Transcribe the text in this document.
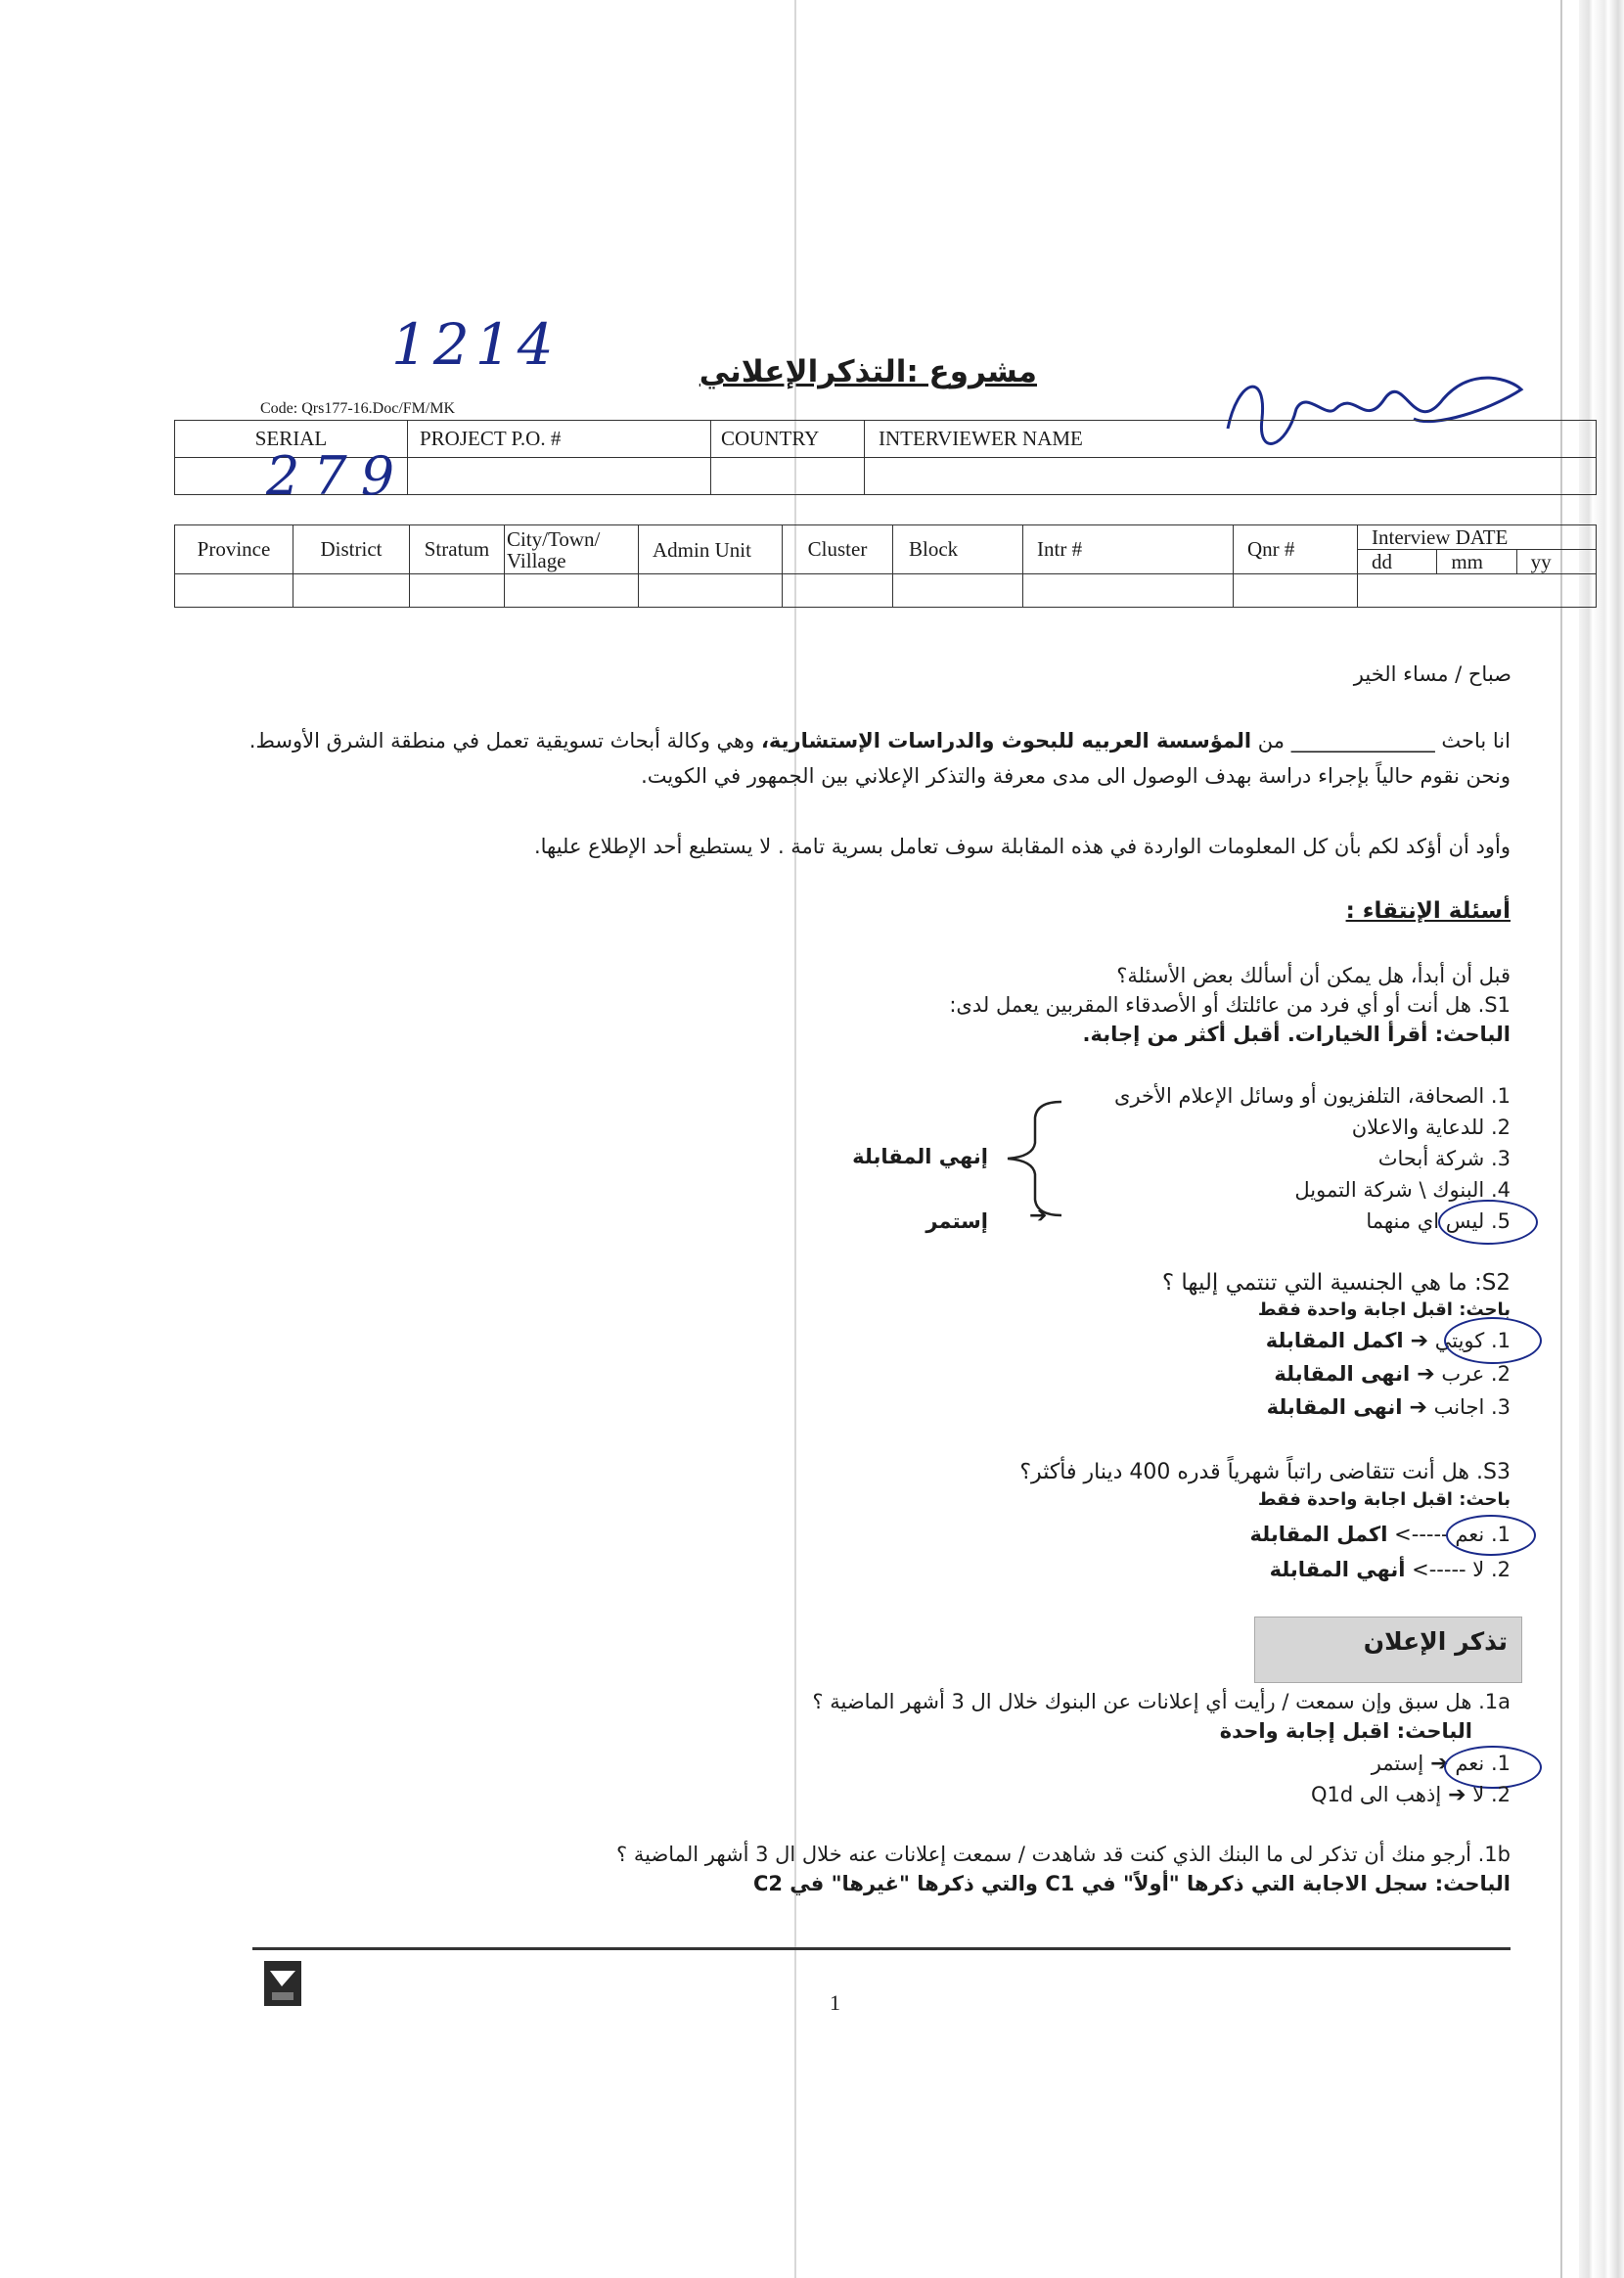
1214	مشروع :التذكرالإعلاني
Code: Qrs177-16.Doc/FM/MK
SERIAL	PROJECT P.O. #	COUNTRY	INTERVIEWER NAME

279
Province	District	Stratum	City/Town/ Village	Admin Unit	Cluster	Block	Intr #	Qnr #	Interview DATE
dd mm yy

صباح / مساء الخير
انا باحث ______________ من المؤسسة العربيه للبحوث والدراسات الإستشارية، وهي وكالة أبحاث تسويقية تعمل في منطقة الشرق الأوسط.
ونحن نقوم حالياً بإجراء دراسة بهدف الوصول الى مدى معرفة والتذكر الإعلاني بين الجمهور في الكويت.
وأود أن أؤكد لكم بأن كل المعلومات الواردة في هذه المقابلة سوف تعامل بسرية تامة . لا يستطيع أحد الإطلاع عليها.
أسئلة الإنتقاء :
قبل أن أبدأ، هل يمكن أن أسألك بعض الأسئلة؟
S1. هل أنت أو أي فرد من عائلتك أو الأصدقاء المقربين يعمل لدى:
الباحث: أقرأ الخيارات. أقبل أكثر من إجابة.
1. الصحافة، التلفزيون أو وسائل الإعلام الأخرى
2. للدعاية والاعلان
3. شركة أبحاث
4. البنوك \ شركة التمويل
5. ليس اي منهما
إنهي المقابلة
➔
إستمر
S2: ما هي الجنسية التي تنتمي إليها ؟
باحث: اقبل اجابة واحدة فقط
1. كويتي ➔ اكمل المقابلة
2. عرب ➔ انهى المقابلة
3. اجانب ➔ انهى المقابلة
S3. هل أنت تتقاضى راتباً شهرياً قدره 400 دينار فأكثر؟
باحث: اقبل اجابة واحدة فقط
1. نعم -----> اكمل المقابلة
2. لا -----> أنهي المقابلة
تذكر الإعلان
1a. هل سبق وإن سمعت / رأيت أي إعلانات عن البنوك خلال ال 3 أشهر الماضية ؟
الباحث: اقبل إجابة واحدة
1. نعم ➔ إستمر
2. لا ➔ إذهب الى Q1d
1b. أرجو منك أن تذكر لى ما البنك الذي كنت قد شاهدت / سمعت إعلانات عنه خلال ال 3 أشهر الماضية ؟
الباحث: سجل الاجابة التي ذكرها "أولاً" في C1 والتي ذكرها "غيرها" في C2
1
